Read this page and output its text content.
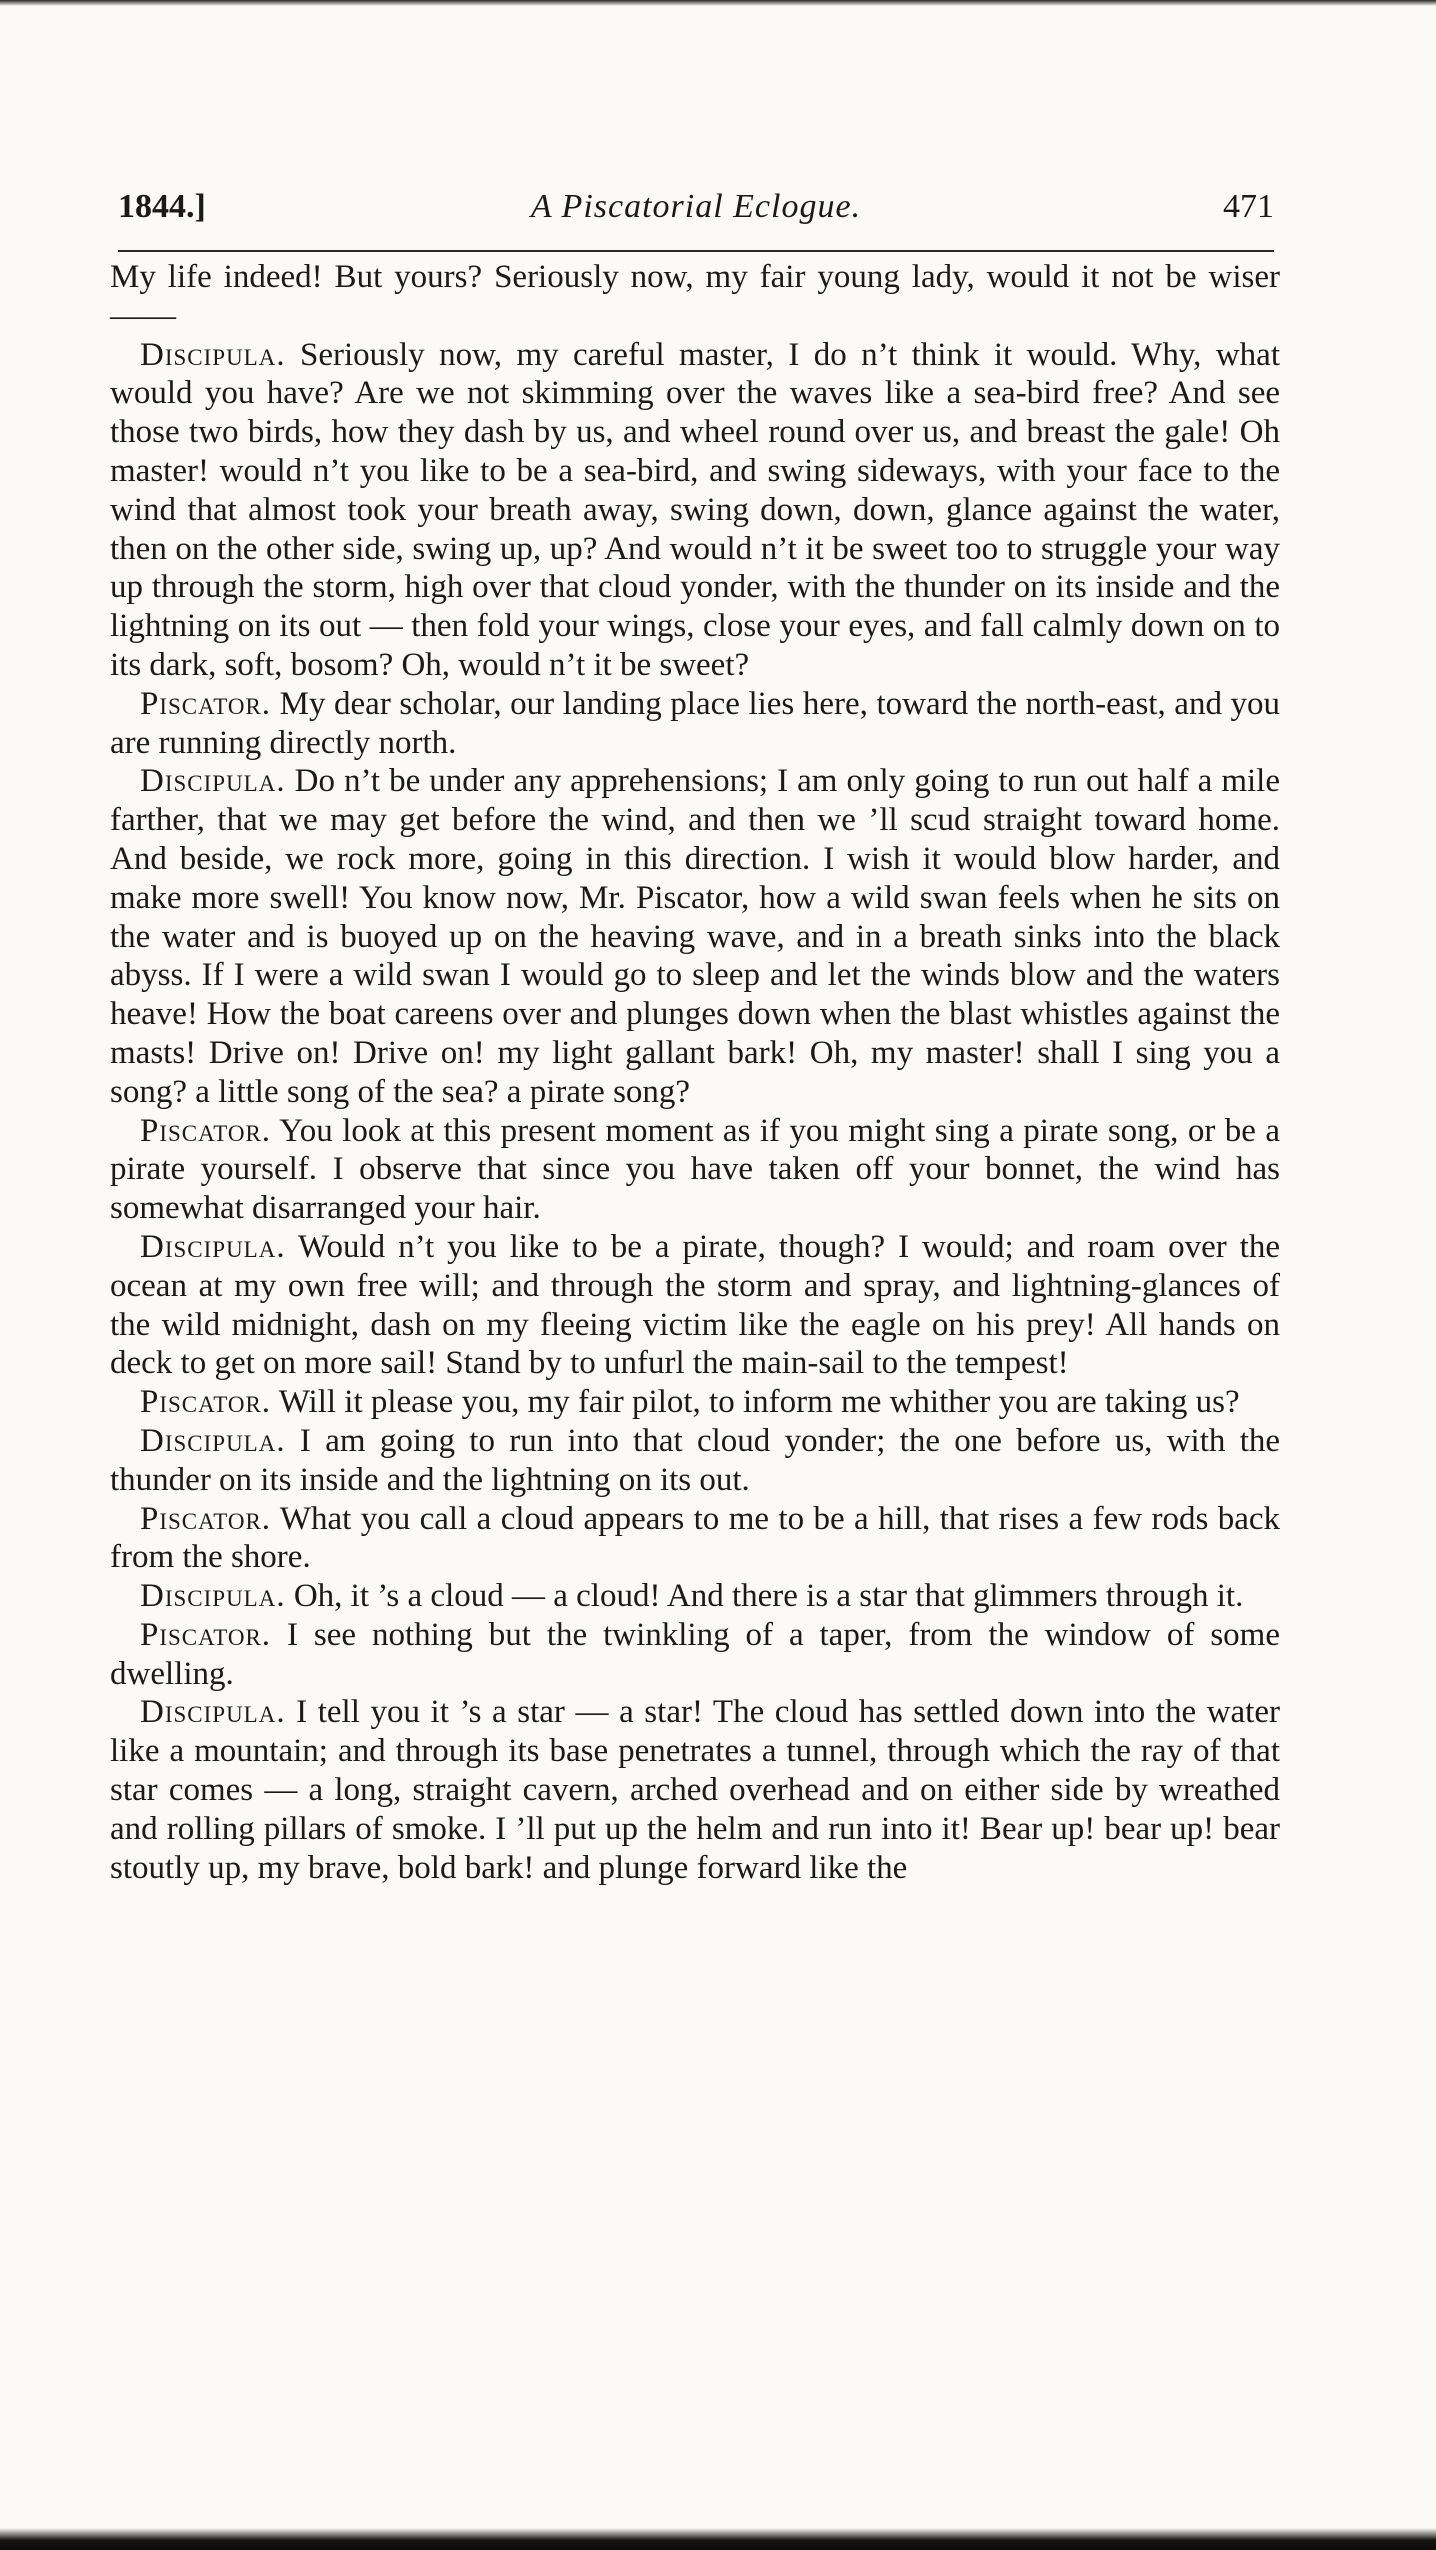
1844.]	A Piscatorial Eclogue.	471

My life indeed! But yours? Seriously now, my fair young lady, would it not be wiser ——

Discipula. Seriously now, my careful master, I do n’t think it would. Why, what would you have? Are we not skimming over the waves like a sea-bird free? And see those two birds, how they dash by us, and wheel round over us, and breast the gale! Oh master! would n’t you like to be a sea-bird, and swing sideways, with your face to the wind that almost took your breath away, swing down, down, glance against the water, then on the other side, swing up, up? And would n’t it be sweet too to struggle your way up through the storm, high over that cloud yonder, with the thunder on its inside and the lightning on its out — then fold your wings, close your eyes, and fall calmly down on to its dark, soft, bosom? Oh, would n’t it be sweet?

Piscator. My dear scholar, our landing place lies here, toward the north-east, and you are running directly north.

Discipula. Do n’t be under any apprehensions; I am only going to run out half a mile farther, that we may get before the wind, and then we ’ll scud straight toward home. And beside, we rock more, going in this direction. I wish it would blow harder, and make more swell! You know now, Mr. Piscator, how a wild swan feels when he sits on the water and is buoyed up on the heaving wave, and in a breath sinks into the black abyss. If I were a wild swan I would go to sleep and let the winds blow and the waters heave! How the boat careens over and plunges down when the blast whistles against the masts! Drive on! Drive on! my light gallant bark! Oh, my master! shall I sing you a song? a little song of the sea? a pirate song?

Piscator. You look at this present moment as if you might sing a pirate song, or be a pirate yourself. I observe that since you have taken off your bonnet, the wind has somewhat disarranged your hair.

Discipula. Would n’t you like to be a pirate, though? I would; and roam over the ocean at my own free will; and through the storm and spray, and lightning-glances of the wild midnight, dash on my fleeing victim like the eagle on his prey! All hands on deck to get on more sail! Stand by to unfurl the main-sail to the tempest!

Piscator. Will it please you, my fair pilot, to inform me whither you are taking us?

Discipula. I am going to run into that cloud yonder; the one before us, with the thunder on its inside and the lightning on its out.

Piscator. What you call a cloud appears to me to be a hill, that rises a few rods back from the shore.

Discipula. Oh, it ’s a cloud — a cloud! And there is a star that glimmers through it.

Piscator. I see nothing but the twinkling of a taper, from the window of some dwelling.

Discipula. I tell you it ’s a star — a star! The cloud has settled down into the water like a mountain; and through its base penetrates a tunnel, through which the ray of that star comes — a long, straight cavern, arched overhead and on either side by wreathed and rolling pillars of smoke. I ’ll put up the helm and run into it! Bear up! bear up! bear stoutly up, my brave, bold bark! and plunge forward like the
